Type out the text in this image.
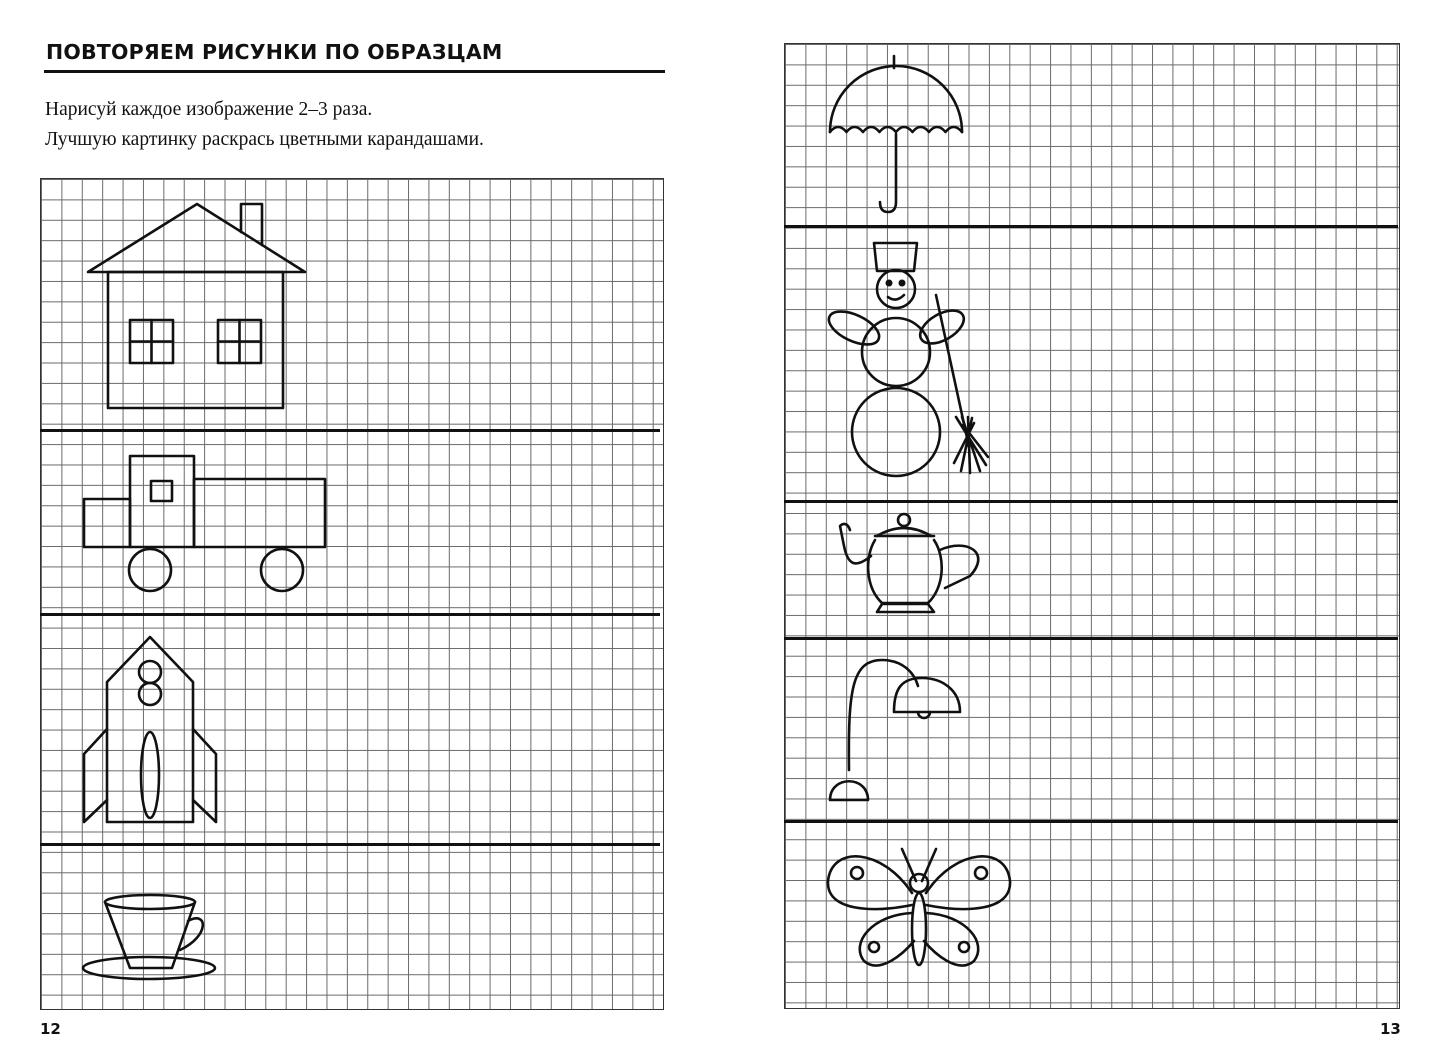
ПОВТОРЯЕМ РИСУНКИ ПО ОБРАЗЦАМ
Нарисуй каждое изображение 2–3 раза.
Лучшую картинку раскрась цветными карандашами.
12	13
